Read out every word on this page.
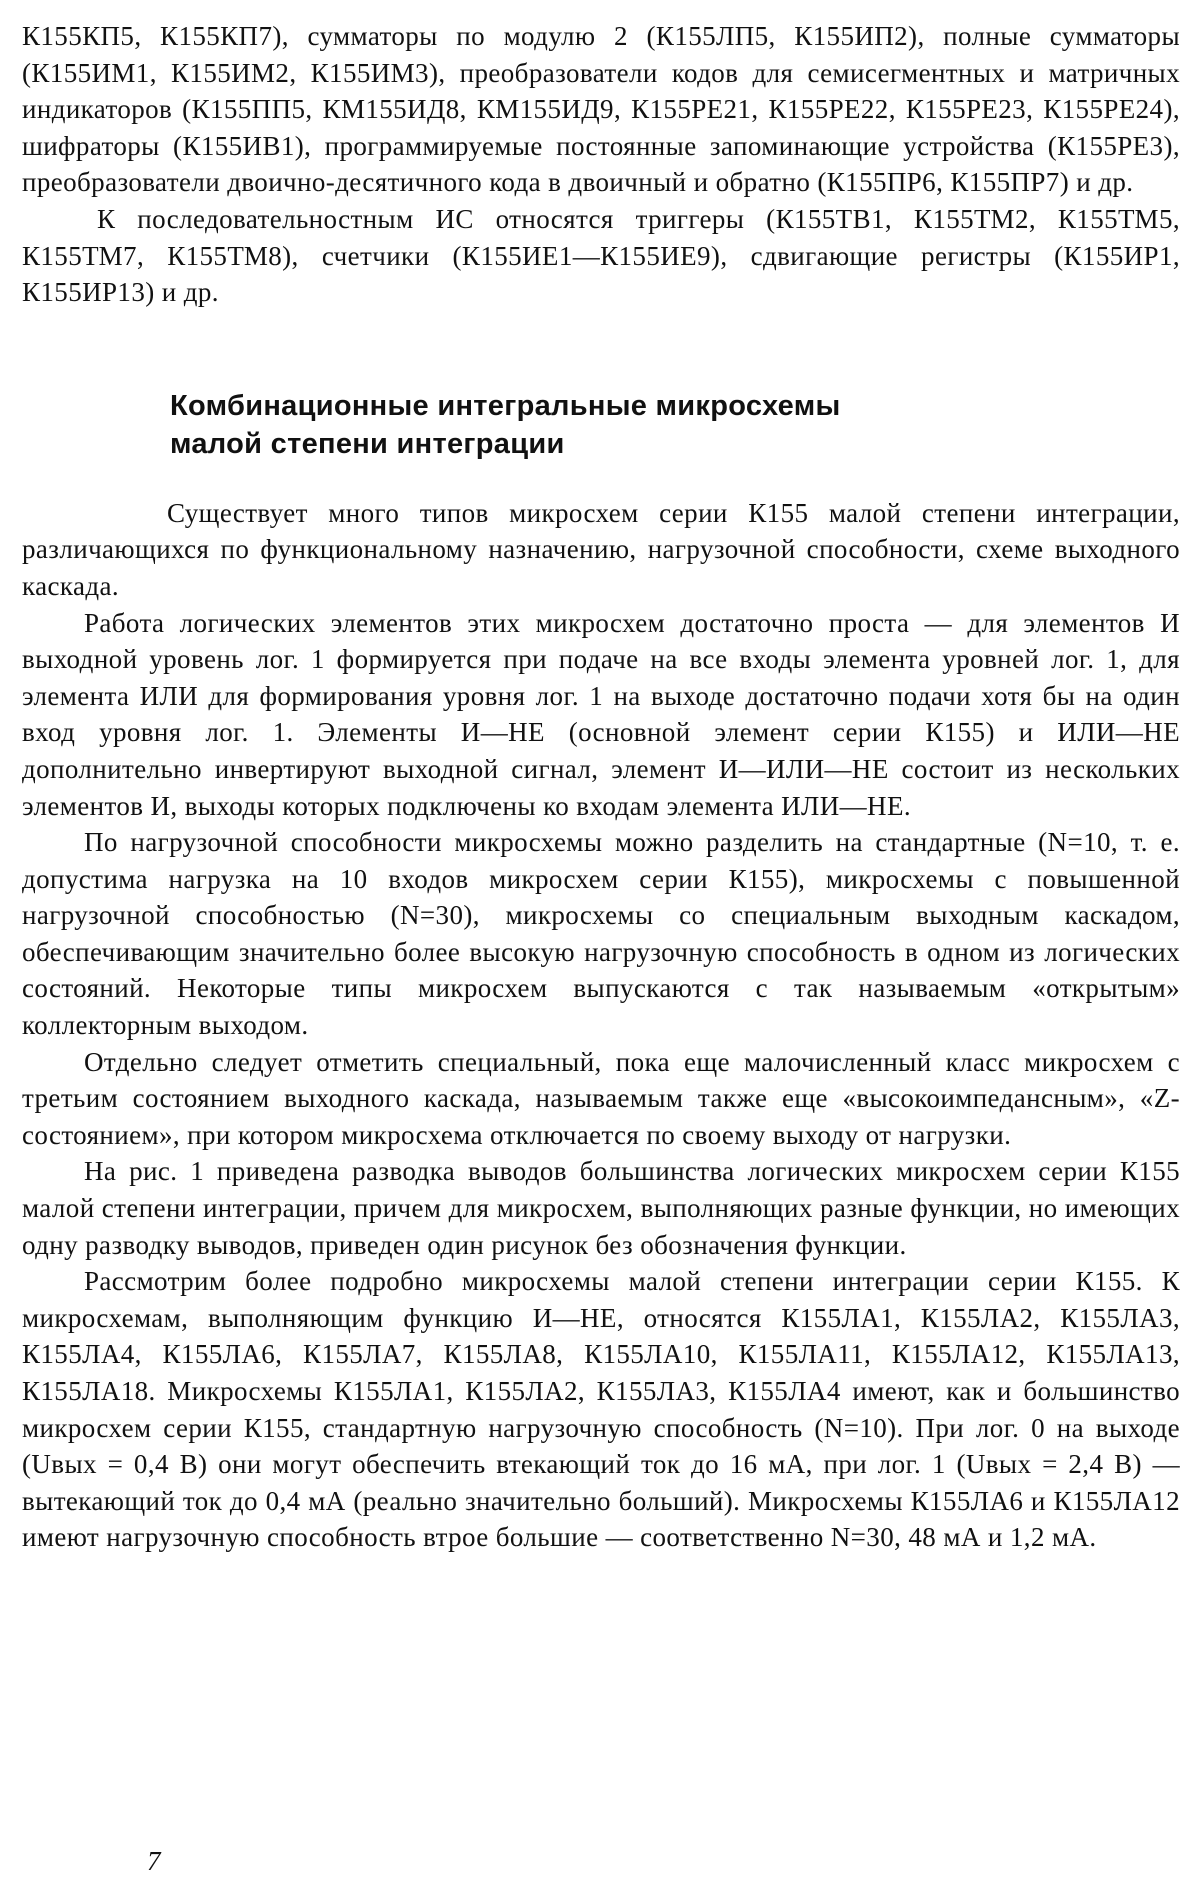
К155КП5, К155КП7), сумматоры по модулю 2 (К155ЛП5, К155ИП2), полные сумматоры (К155ИМ1, К155ИМ2, К155ИМ3), преобразователи кодов для семисегментных и матричных индикаторов (К155ПП5, КМ155ИД8, КМ155ИД9, К155РЕ21, К155РЕ22, К155РЕ23, К155РЕ24), шифраторы (К155ИВ1), программируемые постоянные запоминающие устройства (К155РЕ3), преобразователи двоично-десятичного кода в двоичный и обратно (К155ПР6, К155ПР7) и др.

К последовательностным ИС относятся триггеры (К155ТВ1, К155ТМ2, К155ТМ5, К155ТМ7, К155ТМ8), счетчики (К155ИЕ1—К155ИЕ9), сдвигающие регистры (К155ИР1, К155ИР13) и др.

Комбинационные интегральные микросхемы
малой степени интеграции

Существует много типов микросхем серии К155 малой степени интеграции, различающихся по функциональному назначению, нагрузочной способности, схеме выходного каскада.

Работа логических элементов этих микросхем достаточно проста — для элементов И выходной уровень лог. 1 формируется при подаче на все входы элемента уровней лог. 1, для элемента ИЛИ для формирования уровня лог. 1 на выходе достаточно подачи хотя бы на один вход уровня лог. 1. Элементы И—НЕ (основной элемент серии К155) и ИЛИ—НЕ дополнительно инвертируют выходной сигнал, элемент И—ИЛИ—НЕ состоит из нескольких элементов И, выходы которых подключены ко входам элемента ИЛИ—НЕ.

По нагрузочной способности микросхемы можно разделить на стандартные (N=10, т. е. допустима нагрузка на 10 входов микросхем серии К155), микросхемы с повышенной нагрузочной способностью (N=30), микросхемы со специальным выходным каскадом, обеспечивающим значительно более высокую нагрузочную способность в одном из логических состояний. Некоторые типы микросхем выпускаются с так называемым «открытым» коллекторным выходом.

Отдельно следует отметить специальный, пока еще малочисленный класс микросхем с третьим состоянием выходного каскада, называемым также еще «высокоимпедансным», «Z-состоянием», при котором микросхема отключается по своему выходу от нагрузки.

На рис. 1 приведена разводка выводов большинства логических микросхем серии К155 малой степени интеграции, причем для микросхем, выполняющих разные функции, но имеющих одну разводку выводов, приведен один рисунок без обозначения функции.

Рассмотрим более подробно микросхемы малой степени интеграции серии К155. К микросхемам, выполняющим функцию И—НЕ, относятся К155ЛА1, К155ЛА2, К155ЛА3, К155ЛА4, К155ЛА6, К155ЛА7, К155ЛА8, К155ЛА10, К155ЛА11, К155ЛА12, К155ЛА13, К155ЛА18. Микросхемы К155ЛА1, К155ЛА2, К155ЛА3, К155ЛА4 имеют, как и большинство микросхем серии К155, стандартную нагрузочную способность (N=10). При лог. 0 на выходе (Uвых = 0,4 В) они могут обеспечить втекающий ток до 16 мА, при лог. 1 (Uвых = 2,4 В) — вытекающий ток до 0,4 мА (реально значительно больший). Микросхемы К155ЛА6 и К155ЛА12 имеют нагрузочную способность втрое большие — соответственно N=30, 48 мА и 1,2 мА.

7
